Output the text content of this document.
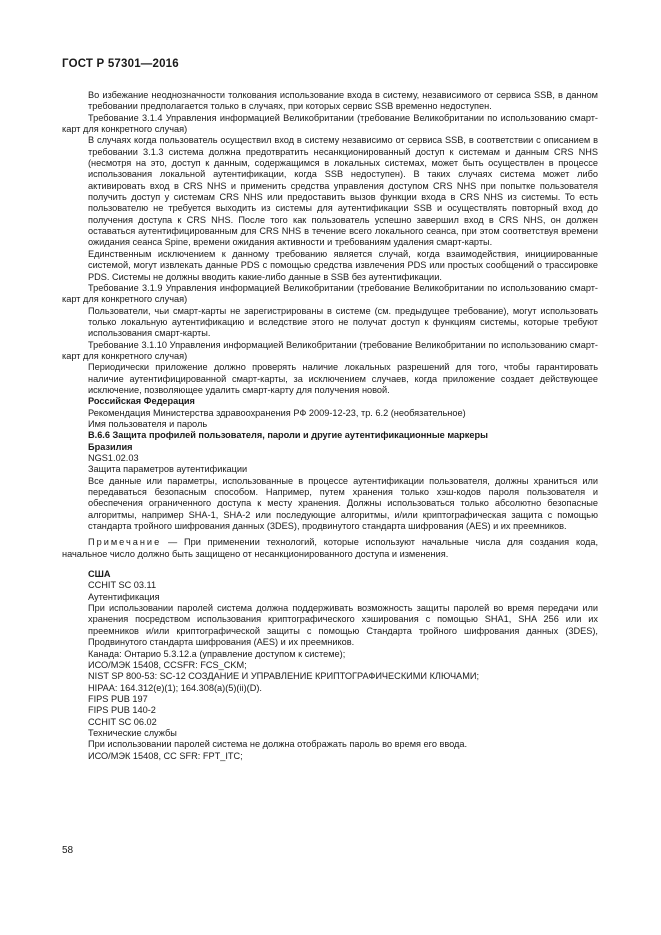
ГОСТ Р 57301—2016

Во избежание неоднозначности толкования использование входа в систему, независимого от сервиса SSB, в данном требовании предполагается только в случаях, при которых сервис SSB временно недоступен.

Требование 3.1.4 Управления информацией Великобритании (требование Великобритании по использованию смарт-карт для конкретного случая)

В случаях когда пользователь осуществил вход в систему независимо от сервиса SSB, в соответствии с описанием в требовании 3.1.3 система должна предотвратить несанкционированный доступ к системам и данным CRS NHS (несмотря на это, доступ к данным, содержащимся в локальных системах, может быть осуществлен в процессе использования локальной аутентификации, когда SSB недоступен). В таких случаях система может либо активировать вход в CRS NHS и применить средства управления доступом CRS NHS при попытке пользователя получить доступ у системам CRS NHS или предоставить вызов функции входа в CRS NHS из системы. То есть пользователю не требуется выходить из системы для аутентификации SSB и осуществлять повторный вход до получения доступа к CRS NHS. После того как пользователь успешно завершил вход в CRS NHS, он должен оставаться аутентифицированным для CRS NHS в течение всего локального сеанса, при этом соответствуя времени ожидания сеанса Spine, времени ожидания активности и требованиям удаления смарт-карты.

Единственным исключением к данному требованию является случай, когда взаимодействия, инициированные системой, могут извлекать данные PDS с помощью средства извлечения PDS или простых сообщений о трассировке PDS. Системы не должны вводить какие-либо данные в SSB без аутентификации.

Требование 3.1.9 Управления информацией Великобритании (требование Великобритании по использованию смарт-карт для конкретного случая)

Пользователи, чьи смарт-карты не зарегистрированы в системе (см. предыдущее требование), могут использовать только локальную аутентификацию и вследствие этого не получат доступ к функциям системы, которые требуют использования смарт-карты.

Требование 3.1.10 Управления информацией Великобритании (требование Великобритании по использованию смарт-карт для конкретного случая)

Периодически приложение должно проверять наличие локальных разрешений для того, чтобы гарантировать наличие аутентифицированной смарт-карты, за исключением случаев, когда приложение создает действующее исключение, позволяющее удалить смарт-карту для получения новой.

Российская Федерация

Рекомендация Министерства здравоохранения РФ 2009-12-23, тр. 6.2 (необязательное)

Имя пользователя и пароль

B.6.6 Защита профилей пользователя, пароли и другие аутентификационные маркеры

Бразилия

NGS1.02.03

Защита параметров аутентификации

Все данные или параметры, использованные в процессе аутентификации пользователя, должны храниться или передаваться безопасным способом. Например, путем хранения только хэш-кодов пароля пользователя и обеспечения ограниченного доступа к месту хранения. Должны использоваться только абсолютно безопасные алгоритмы, например SHA-1, SHA-2 или последующие алгоритмы, и/или криптографическая защита с помощью стандарта тройного шифрования данных (3DES), продвинутого стандарта шифрования (AES) и их преемников.

Примечание — При применении технологий, которые используют начальные числа для создания кода, начальное число должно быть защищено от несанкционированного доступа и изменения.

США

CCHIT SC 03.11

Аутентификация

При использовании паролей система должна поддерживать возможность защиты паролей во время передачи или хранения посредством использования криптографического хэширования с помощью SHA1, SHA 256 или их преемников и/или криптографической защиты с помощью Стандарта тройного шифрования данных (3DES), Продвинутого стандарта шифрования (AES) и их преемников.

Канада: Онтарио 5.3.12.a (управление доступом к системе);

ИСО/МЭК 15408, CCSFR: FCS_CKM;

NIST SP 800-53: SC-12 СОЗДАНИЕ И УПРАВЛЕНИЕ КРИПТОГРАФИЧЕСКИМИ КЛЮЧАМИ;

HIPAA: 164.312(e)(1); 164.308(a)(5)(ii)(D).

FIPS PUB 197

FIPS PUB 140-2

CCHIT SC 06.02

Технические службы

При использовании паролей система не должна отображать пароль во время его ввода.

ИСО/МЭК 15408, CC SFR: FPT_ITC;

58
